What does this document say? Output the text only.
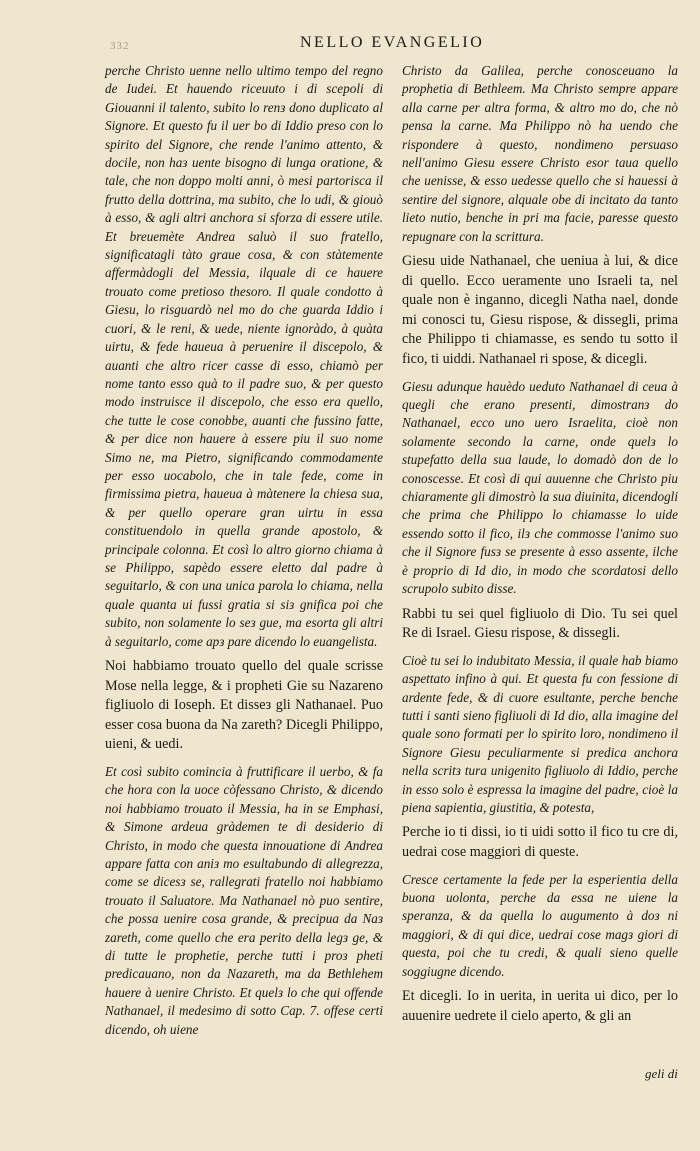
332	NELLO EVANGELIO

perche Christo uenne nello ultimo tempo del regno de Iudei. Et hauendo riceuuto i di scepoli di Giouanni il talento, subito lo renз dono duplicato al Signore. Et questo fu il uer bo di Iddio preso con lo spirito del Signore, che rende l'animo attento, & docile, non haз uente bisogno di lunga oratione, & tale, che non doppo molti anni, ò mesi partorisca il frutto della dottrina, ma subito, che lo udi, & giouò à esso, & agli altri anchora si sforza di essere utile. Et breuemète Andrea saluò il suo fratello, significatagli tàto graue cosa, & con stàtemente affermàdogli del Messia, ilquale di ce hauere trouato come pretioso thesoro. Il quale condotto à Giesu, lo risguardò nel mo do che guarda Iddio i cuori, & le reni, & uede, niente ignoràdo, à quàta uirtu, & fede haueua à peruenire il discepolo, & auanti che altro ricer casse di esso, chiamò per nome tanto esso quà to il padre suo, & per questo modo instruisce il discepolo, che esso era quello, che tutte le cose conobbe, auanti che fussino fatte, & per dice non hauere à essere piu il suo nome Simo ne, ma Pietro, significando commodamente per esso uocabolo, che in tale fede, come in firmissima pietra, haueua à màtenere la chiesa sua, & per quello operare gran uirtu in essa constituendolo in quella grande apostolo, & principale colonna. Et così lo altro giorno chiama à se Philippo, sapèdo essere eletto dal padre à seguitarlo, & con una unica parola lo chiama, nella quale quanta ui fussi gratia si siз gnifica poi che subito, non solamente lo seз gue, ma esorta gli altri à seguitarlo, come apз pare dicendo lo euangelista.

Noi habbiamo trouato quello del quale scrisse Mose nella legge, & i propheti Gie su Nazareno figliuolo di Ioseph. Et disseз gli Nathanael. Puo esser cosa buona da Na zareth? Dicegli Philippo, uieni, & uedi.

Et così subito comincia à fruttificare il uerbo, & fa che hora con la uoce còfessano Christo, & dicendo noi habbiamo trouato il Messia, ha in se Emphasi, & Simone ardeua gràdemen te di desiderio di Christo, in modo che questa innouatione di Andrea appare fatta con aniз mo esultabundo di allegrezza, come se dicesз se, rallegrati fratello noi habbiamo trouato il Saluatore. Ma Nathanael nò puo sentire, che possa uenire cosa grande, & precipua da Naз zareth, come quello che era perito della legз ge, & di tutte le prophetie, perche tutti i proз pheti predicauano, non da Nazareth, ma da Bethlehem hauere à uenire Christo. Et quelз lo che qui offende Nathanael, il medesimo di sotto Cap. 7. offese certi dicendo, oh uiene

Christo da Galilea, perche conosceuano la prophetia di Bethleem. Ma Christo sempre appare alla carne per altra forma, & altro mo do, che nò pensa la carne. Ma Philippo nò ha uendo che rispondere à questo, nondimeno persuaso nell'animo Giesu essere Christo esor taua quello che uenisse, & esso uedesse quello che si hauessi à sentire del signore, alquale obe di incitato da tanto lieto nutio, benche in pri ma facie, paresse questo repugnare con la scrittura.

Giesu uide Nathanael, che ueniua à lui, & dice di quello. Ecco ueramente uno Israeli ta, nel quale non è inganno, dicegli Natha nael, donde mi conosci tu, Giesu rispose, & dissegli, prima che Philippo ti chiamasse, es sendo tu sotto il fico, ti uiddi. Nathanael ri spose, & dicegli.

Giesu adunque hauèdo ueduto Nathanael di ceua à quegli che erano presenti, dimostranз do Nathanael, ecco uno uero Israelita, cioè non solamente secondo la carne, onde quelз lo stupefatto della sua laude, lo domadò don de lo conoscesse. Et così di qui auuenne che Christo piu chiaramente gli dimostrò la sua diuinita, dicendogli che prima che Philippo lo chiamasse lo uide essendo sotto il fico, ilз che commosse l'animo suo che il Signore fusз se presente à esso assente, ilche è proprio di Id dio, in modo che scordatosi dello scrupolo subito disse.

Rabbi tu sei quel figliuolo di Dio. Tu sei quel Re di Israel. Giesu rispose, & dissegli.

Cioè tu sei lo indubitato Messia, il quale hab biamo aspettato infino à qui. Et questa fu con fessione di ardente fede, & di cuore esultante, perche benche tutti i santi sieno figliuoli di Id dio, alla imagine del quale sono formati per lo spirito loro, nondimeno il Signore Giesu peculiarmente si predica anchora nella scritз tura unigenito figliuolo di Iddio, perche in esso solo è espressa la imagine del padre, cioè la piena sapientia, giustitia, & potesta,

Perche io ti dissi, io ti uidi sotto il fico tu cre di, uedrai cose maggiori di queste.

Cresce certamente la fede per la esperientia della buona uolonta, perche da essa ne uiene la speranza, & da quella lo augumento à doз ni maggiori, & di qui dice, uedrai cose magз giori di questa, poi che tu credi, & quali sieno quelle soggiugne dicendo.

Et dicegli. Io in uerita, in uerita ui dico, per lo auuenire uedrete il cielo aperto, & gli an

geli di
